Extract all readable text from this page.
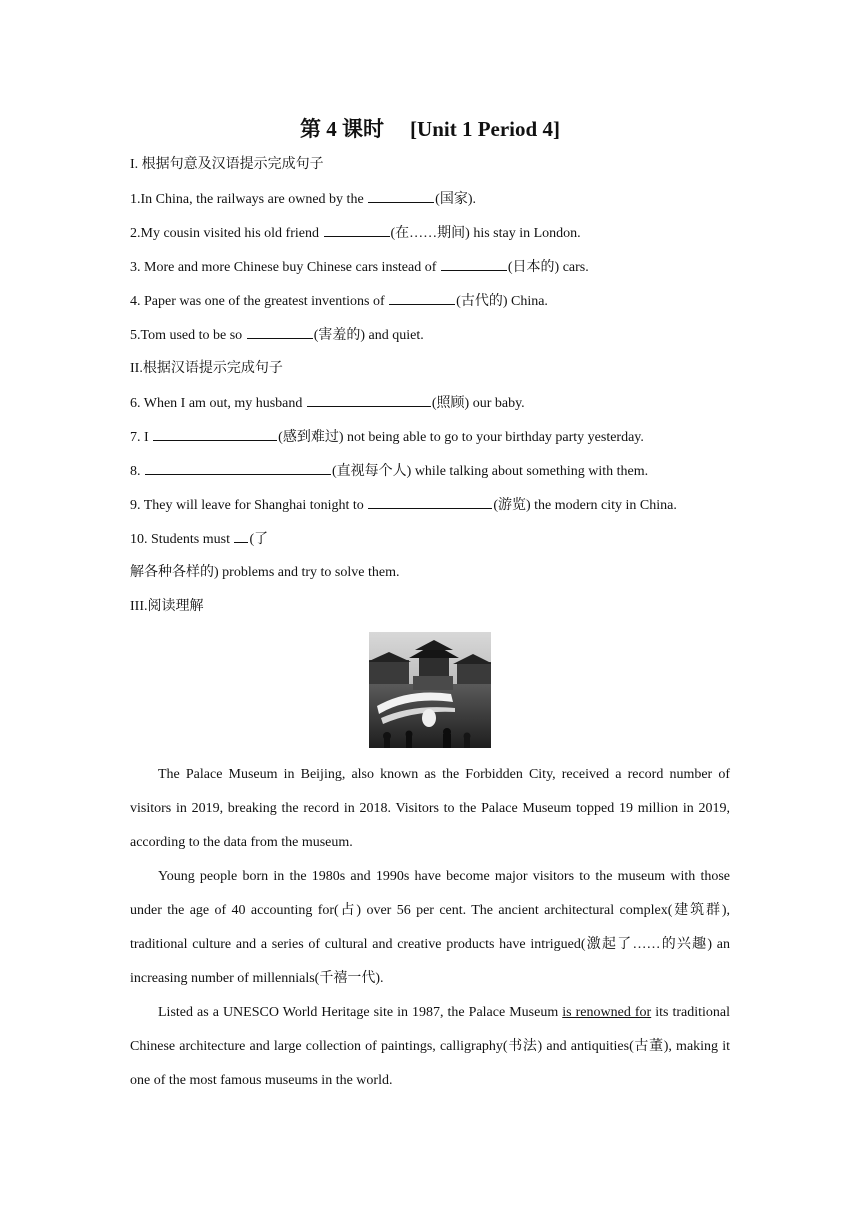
第 4 课时 [Unit 1 Period 4]
I. 根据句意及汉语提示完成句子
1.In China, the railways are owned by the	(国家).
2.My cousin visited his old friend	(在……期间) his stay in London.
3. More and more Chinese buy Chinese cars instead of	(日本的) cars.
4. Paper was one of the greatest inventions of	(古代的) China.
5.Tom used to be so	(害羞的) and quiet.
II.根据汉语提示完成句子
6. When I am out, my husband	(照顾) our baby.
7. I	(感到难过) not being able to go to your birthday party yesterday.
8.	(直视每个人) while talking about something with them.
9. They will leave for Shanghai tonight to	(游览) the modern city in China.
10. Students must (了
解各种各样的) problems and try to solve them.
III.阅读理解

The Palace Museum in Beijing, also known as the Forbidden City, received a record number of visitors in 2019, breaking the record in 2018. Visitors to the Palace Museum topped 19 million in 2019, according to the data from the museum.

Young people born in the 1980s and 1990s have become major visitors to the museum with those under the age of 40 accounting for(占) over 56 per cent. The ancient architectural complex(建筑群), traditional culture and a series of cultural and creative products have intrigued(激起了……的兴趣) an increasing number of millennials(千禧一代).

Listed as a UNESCO World Heritage site in 1987, the Palace Museum is renowned for its traditional Chinese architecture and large collection of paintings, calligraphy(书法) and antiquities(古董), making it one of the most famous museums in the world.
